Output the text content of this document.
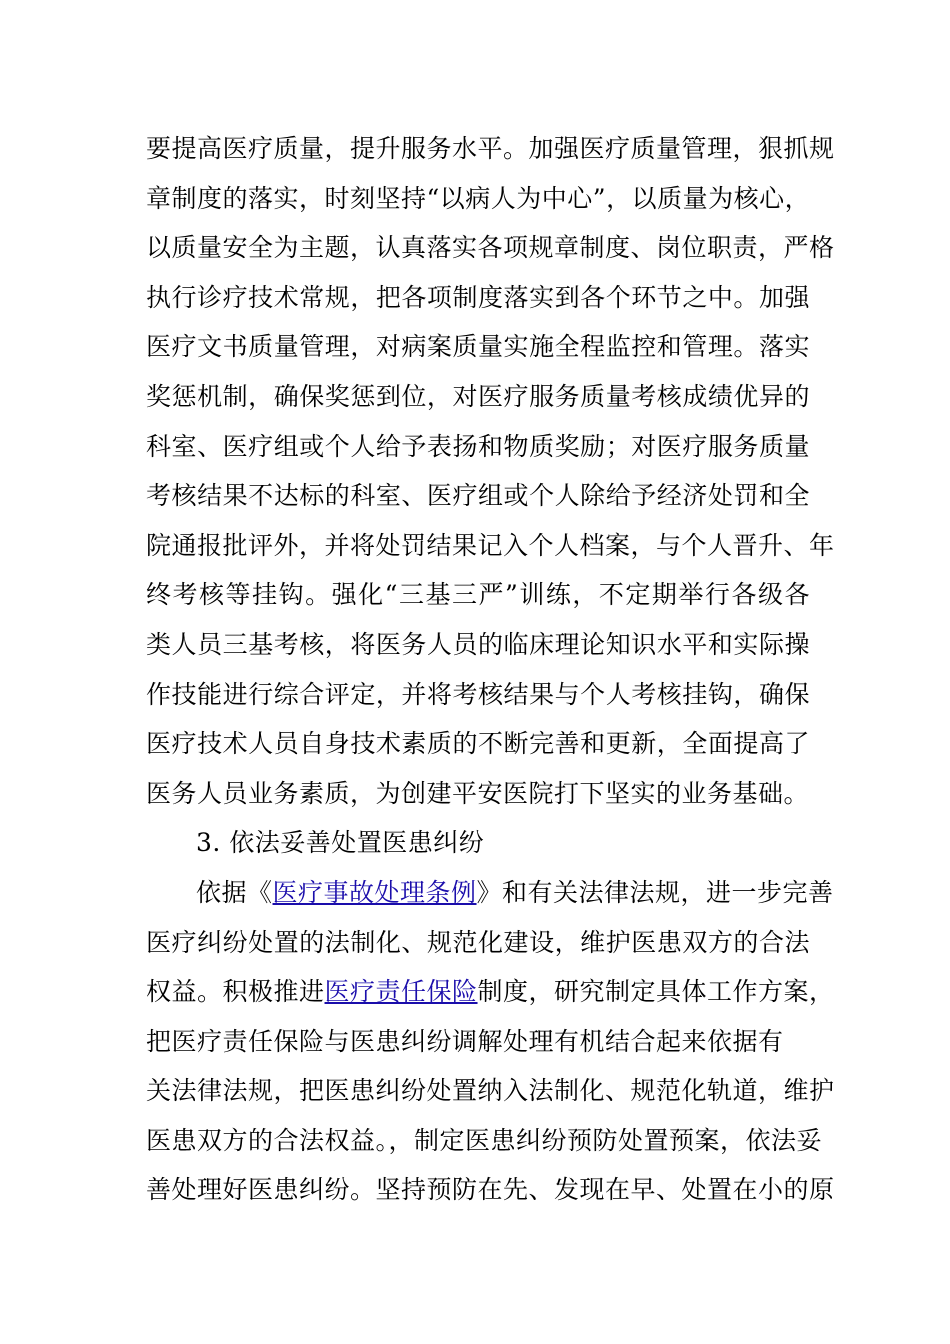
要提高医疗质量，提升服务水平。加强医疗质量管理，狠抓规
章制度的落实，时刻坚持“以病人为中心”，以质量为核心，
以质量安全为主题，认真落实各项规章制度、岗位职责，严格
执行诊疗技术常规，把各项制度落实到各个环节之中。加强
医疗文书质量管理，对病案质量实施全程监控和管理。落实
奖惩机制，确保奖惩到位，对医疗服务质量考核成绩优异的
科室、医疗组或个人给予表扬和物质奖励；对医疗服务质量
考核结果不达标的科室、医疗组或个人除给予经济处罚和全
院通报批评外，并将处罚结果记入个人档案，与个人晋升、年
终考核等挂钩。强化“三基三严”训练，不定期举行各级各
类人员三基考核，将医务人员的临床理论知识水平和实际操
作技能进行综合评定，并将考核结果与个人考核挂钩，确保
医疗技术人员自身技术素质的不断完善和更新，全面提高了
医务人员业务素质，为创建平安医院打下坚实的业务基础。
3. 依法妥善处置医患纠纷
依据《医疗事故处理条例》和有关法律法规，进一步完善
医疗纠纷处置的法制化、规范化建设，维护医患双方的合法
权益。积极推进医疗责任保险制度，研究制定具体工作方案，
把医疗责任保险与医患纠纷调解处理有机结合起来依据有
关法律法规，把医患纠纷处置纳入法制化、规范化轨道，维护
医患双方的合法权益。，制定医患纠纷预防处置预案，依法妥
善处理好医患纠纷。坚持预防在先、发现在早、处置在小的原
